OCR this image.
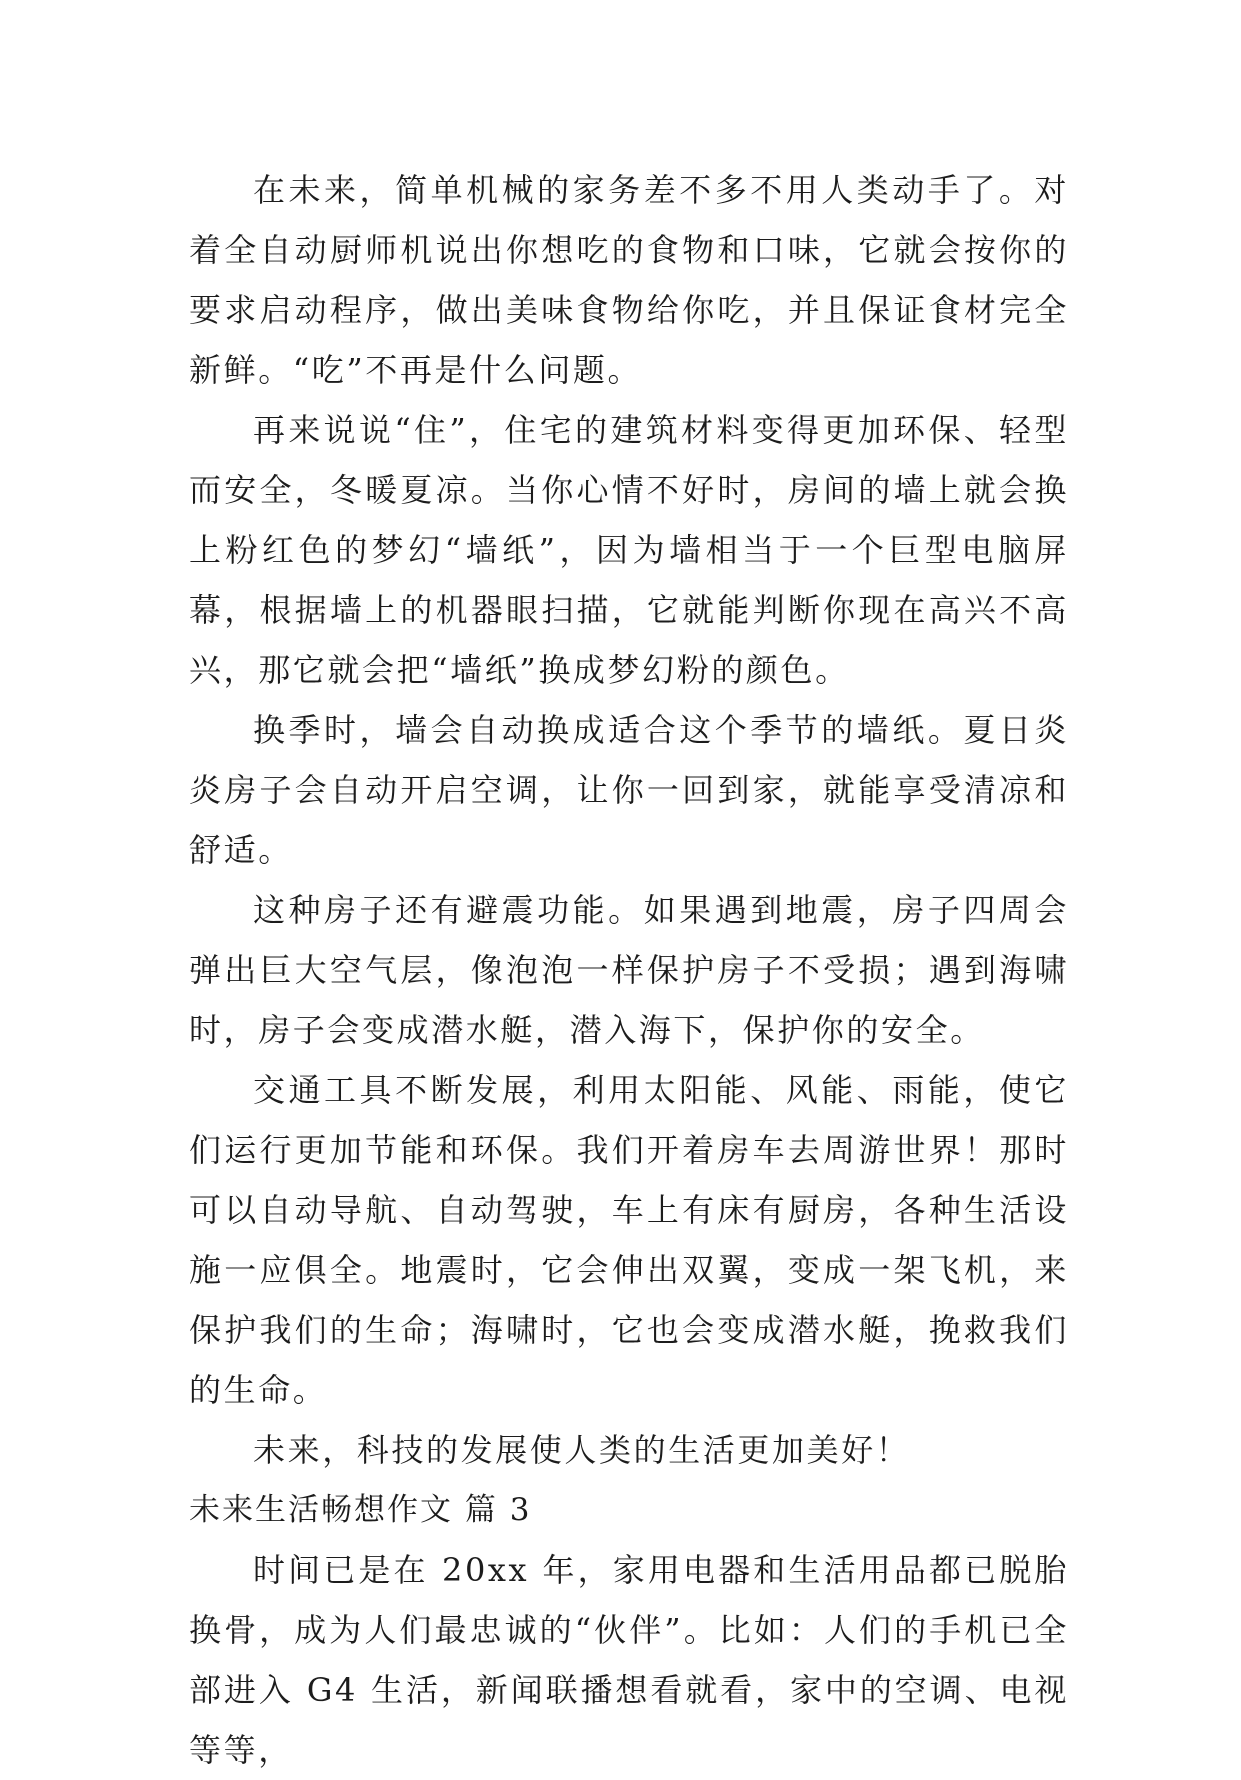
在未来，简单机械的家务差不多不用人类动手了。对着全自动厨师机说出你想吃的食物和口味，它就会按你的要求启动程序，做出美味食物给你吃，并且保证食材完全新鲜。“吃”不再是什么问题。

再来说说“住”，住宅的建筑材料变得更加环保、轻型而安全，冬暖夏凉。当你心情不好时，房间的墙上就会换上粉红色的梦幻“墙纸”，因为墙相当于一个巨型电脑屏幕，根据墙上的机器眼扫描，它就能判断你现在高兴不高兴，那它就会把“墙纸”换成梦幻粉的颜色。

换季时，墙会自动换成适合这个季节的墙纸。夏日炎炎房子会自动开启空调，让你一回到家，就能享受清凉和舒适。

这种房子还有避震功能。如果遇到地震，房子四周会弹出巨大空气层，像泡泡一样保护房子不受损；遇到海啸时，房子会变成潜水艇，潜入海下，保护你的安全。

交通工具不断发展，利用太阳能、风能、雨能，使它们运行更加节能和环保。我们开着房车去周游世界！那时可以自动导航、自动驾驶，车上有床有厨房，各种生活设施一应俱全。地震时，它会伸出双翼，变成一架飞机，来保护我们的生命；海啸时，它也会变成潜水艇，挽救我们的生命。

未来，科技的发展使人类的生活更加美好！

未来生活畅想作文 篇 3

时间已是在 20xx 年，家用电器和生活用品都已脱胎换骨，成为人们最忠诚的“伙伴”。比如：人们的手机已全部进入 G4 生活，新闻联播想看就看，家中的空调、电视等等，
